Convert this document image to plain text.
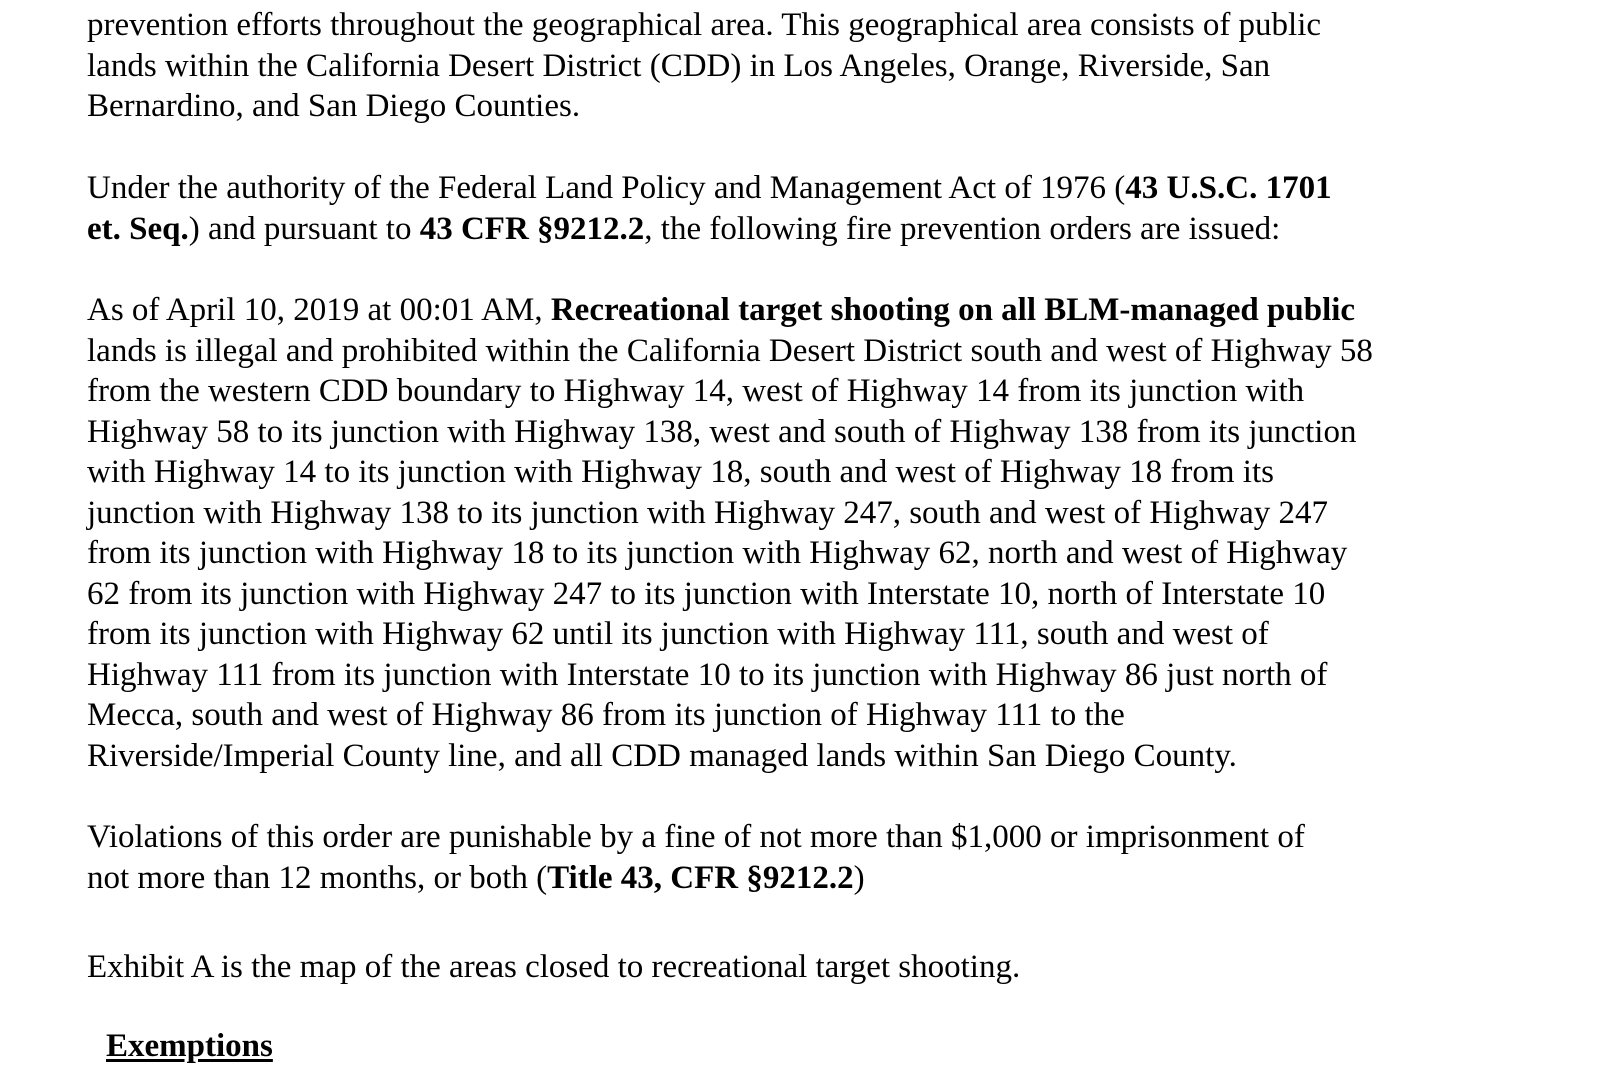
prevention efforts throughout the geographical area. This geographical area consists of public
lands within the California Desert District (CDD) in Los Angeles, Orange, Riverside, San
Bernardino, and San Diego Counties.

Under the authority of the Federal Land Policy and Management Act of 1976 (43 U.S.C. 1701
et. Seq.) and pursuant to 43 CFR §9212.2, the following fire prevention orders are issued:

As of April 10, 2019 at 00:01 AM, Recreational target shooting on all BLM-managed public
lands is illegal and prohibited within the California Desert District south and west of Highway 58
from the western CDD boundary to Highway 14, west of Highway 14 from its junction with
Highway 58 to its junction with Highway 138, west and south of Highway 138 from its junction
with Highway 14 to its junction with Highway 18, south and west of Highway 18 from its
junction with Highway 138 to its junction with Highway 247, south and west of Highway 247
from its junction with Highway 18 to its junction with Highway 62, north and west of Highway
62 from its junction with Highway 247 to its junction with Interstate 10, north of Interstate 10
from its junction with Highway 62 until its junction with Highway 111, south and west of
Highway 111 from its junction with Interstate 10 to its junction with Highway 86 just north of
Mecca, south and west of Highway 86 from its junction of Highway 111 to the
Riverside/Imperial County line, and all CDD managed lands within San Diego County.

Violations of this order are punishable by a fine of not more than $1,000 or imprisonment of
not more than 12 months, or both (Title 43, CFR §9212.2)

Exhibit A is the map of the areas closed to recreational target shooting.

Exemptions
